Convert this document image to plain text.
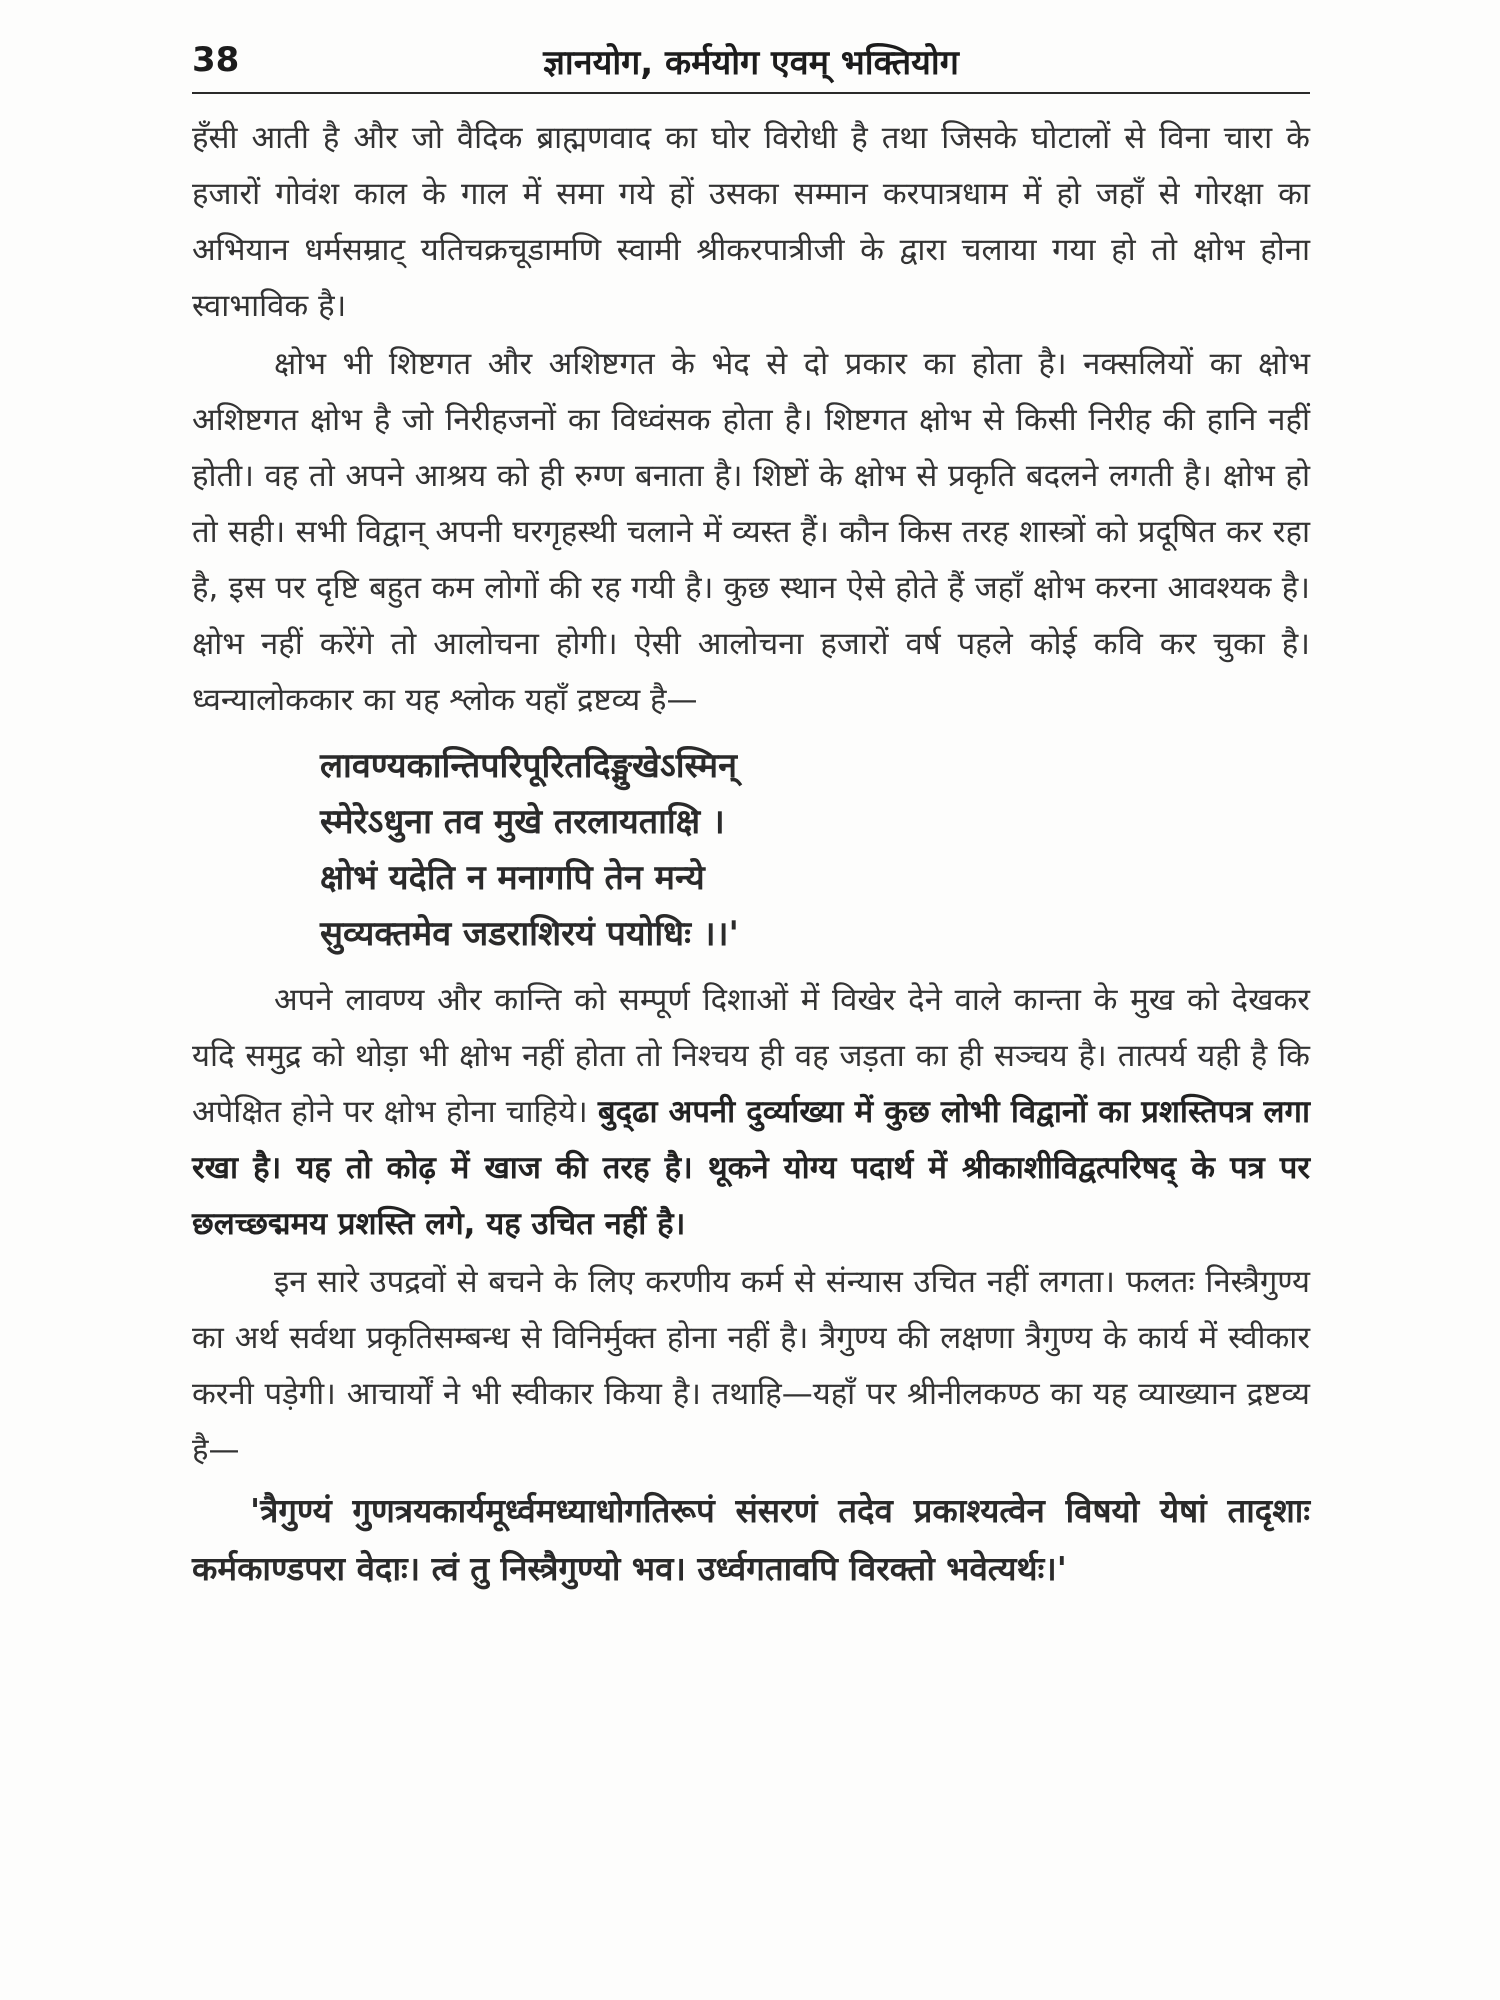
38	ज्ञानयोग, कर्मयोग एवम् भक्तियोग

हँसी आती है और जो वैदिक ब्राह्मणवाद का घोर विरोधी है तथा जिसके घोटालों से विना चारा के हजारों गोवंश काल के गाल में समा गये हों उसका सम्मान करपात्रधाम में हो जहाँ से गोरक्षा का अभियान धर्मसम्राट् यतिचक्रचूडामणि स्वामी श्रीकरपात्रीजी के द्वारा चलाया गया हो तो क्षोभ होना स्वाभाविक है।

क्षोभ भी शिष्टगत और अशिष्टगत के भेद से दो प्रकार का होता है। नक्सलियों का क्षोभ अशिष्टगत क्षोभ है जो निरीहजनों का विध्वंसक होता है। शिष्टगत क्षोभ से किसी निरीह की हानि नहीं होती। वह तो अपने आश्रय को ही रुग्ण बनाता है। शिष्टों के क्षोभ से प्रकृति बदलने लगती है। क्षोभ हो तो सही। सभी विद्वान् अपनी घरगृहस्थी चलाने में व्यस्त हैं। कौन किस तरह शास्त्रों को प्रदूषित कर रहा है, इस पर दृष्टि बहुत कम लोगों की रह गयी है। कुछ स्थान ऐसे होते हैं जहाँ क्षोभ करना आवश्यक है। क्षोभ नहीं करेंगे तो आलोचना होगी। ऐसी आलोचना हजारों वर्ष पहले कोई कवि कर चुका है। ध्वन्यालोककार का यह श्लोक यहाँ द्रष्टव्य है—

लावण्यकान्तिपरिपूरितदिङ्मुखेऽस्मिन्
स्मेरेऽधुना तव मुखे तरलायताक्षि ।
क्षोभं यदेति न मनागपि तेन मन्ये
सुव्यक्तमेव जडराशिरयं पयोधिः ।।'

अपने लावण्य और कान्ति को सम्पूर्ण दिशाओं में विखेर देने वाले कान्ता के मुख को देखकर यदि समुद्र को थोड़ा भी क्षोभ नहीं होता तो निश्चय ही वह जड़ता का ही सञ्चय है। तात्पर्य यही है कि अपेक्षित होने पर क्षोभ होना चाहिये। बुद्ढा अपनी दुर्व्याख्या में कुछ लोभी विद्वानों का प्रशस्तिपत्र लगा रखा है। यह तो कोढ़ में खाज की तरह है। थूकने योग्य पदार्थ में श्रीकाशीविद्वत्परिषद् के पत्र पर छलच्छद्ममय प्रशस्ति लगे, यह उचित नहीं है।

इन सारे उपद्रवों से बचने के लिए करणीय कर्म से संन्यास उचित नहीं लगता। फलतः निस्त्रैगुण्य का अर्थ सर्वथा प्रकृतिसम्बन्ध से विनिर्मुक्त होना नहीं है। त्रैगुण्य की लक्षणा त्रैगुण्य के कार्य में स्वीकार करनी पड़ेगी। आचार्यों ने भी स्वीकार किया है। तथाहि—यहाँ पर श्रीनीलकण्ठ का यह व्याख्यान द्रष्टव्य है—

'त्रैगुण्यं गुणत्रयकार्यमूर्ध्वमध्याधोगतिरूपं संसरणं तदेव प्रकाश्यत्वेन विषयो येषां तादृशाः कर्मकाण्डपरा वेदाः। त्वं तु निस्त्रैगुण्यो भव। उर्ध्वगतावपि विरक्तो भवेत्यर्थः।'
